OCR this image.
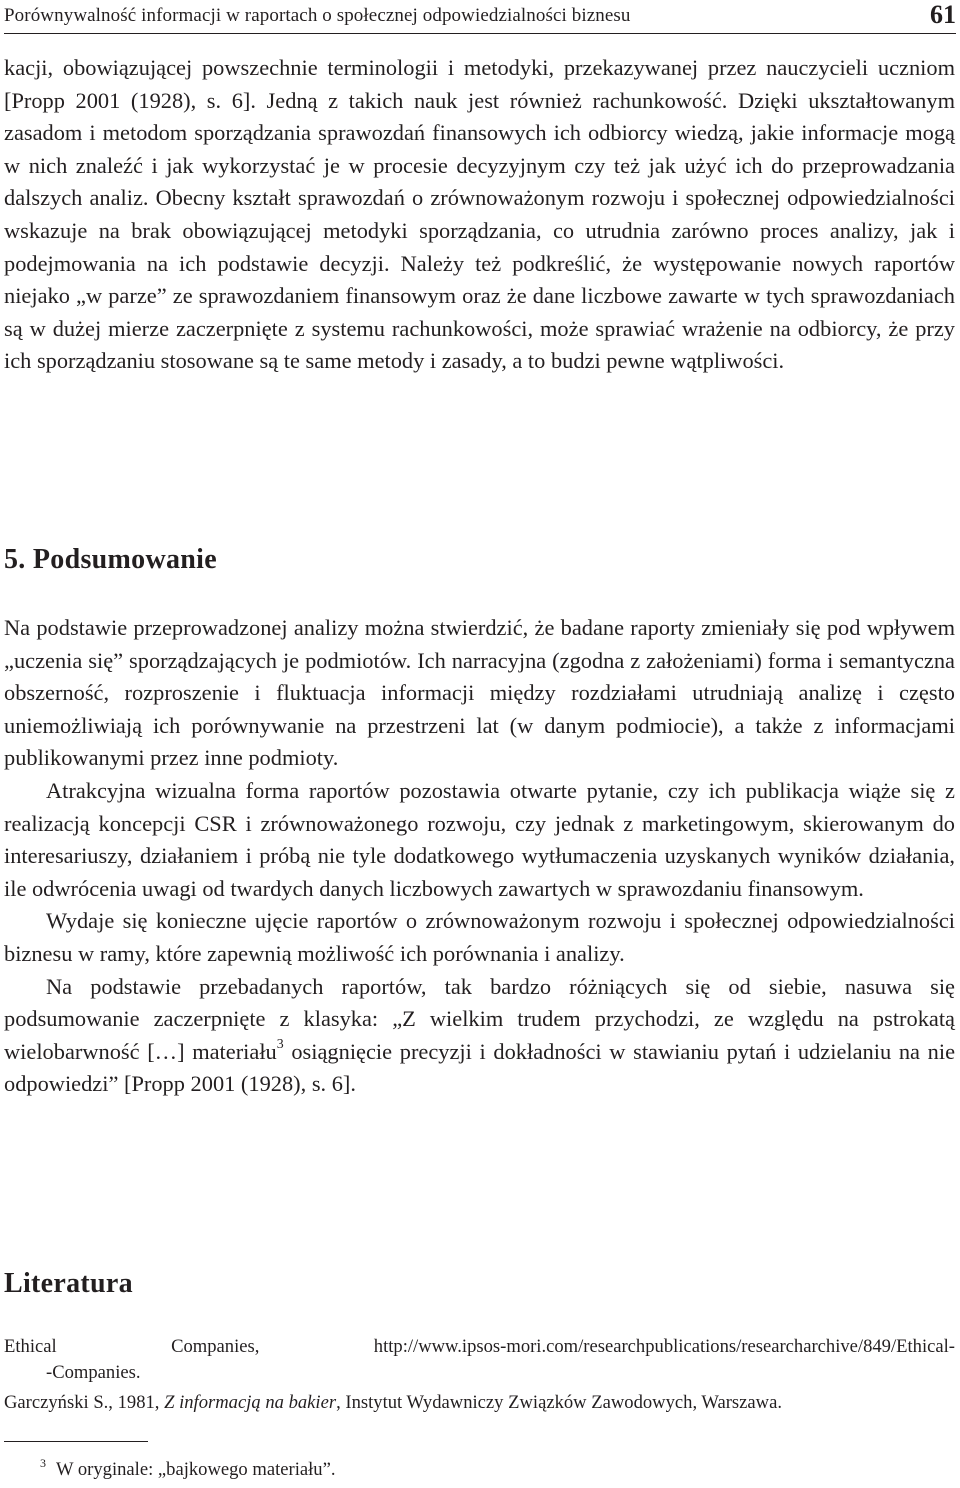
Porównywalność informacji w raportach o społecznej odpowiedzialności biznesu	61

kacji, obowiązującej powszechnie terminologii i metodyki, przekazywanej przez nauczycieli uczniom [Propp 2001 (1928), s. 6]. Jedną z takich nauk jest również rachunkowość. Dzięki ukształtowanym zasadom i metodom sporządzania sprawozdań finansowych ich odbiorcy wiedzą, jakie informacje mogą w nich znaleźć i jak wykorzystać je w procesie decyzyjnym czy też jak użyć ich do przeprowadzania dalszych analiz. Obecny kształt sprawozdań o zrównoważonym rozwoju i społecznej odpowiedzialności wskazuje na brak obowiązującej metodyki sporządzania, co utrudnia zarówno proces analizy, jak i podejmowania na ich podstawie decyzji. Należy też podkreślić, że występowanie nowych raportów niejako „w parze” ze sprawozdaniem finansowym oraz że dane liczbowe zawarte w tych sprawozdaniach są w dużej mierze zaczerpnięte z systemu rachunkowości, może sprawiać wrażenie na odbiorcy, że przy ich sporządzaniu stosowane są te same metody i zasady, a to budzi pewne wątpliwości.

5. Podsumowanie

Na podstawie przeprowadzonej analizy można stwierdzić, że badane raporty zmieniały się pod wpływem „uczenia się” sporządzających je podmiotów. Ich narracyjna (zgodna z założeniami) forma i semantyczna obszerność, rozproszenie i fluktuacja informacji między rozdziałami utrudniają analizę i często uniemożliwiają ich porównywanie na przestrzeni lat (w danym podmiocie), a także z informacjami publikowanymi przez inne podmioty.

Atrakcyjna wizualna forma raportów pozostawia otwarte pytanie, czy ich publikacja wiąże się z realizacją koncepcji CSR i zrównoważonego rozwoju, czy jednak z marketingowym, skierowanym do interesariuszy, działaniem i próbą nie tyle dodatkowego wytłumaczenia uzyskanych wyników działania, ile odwrócenia uwagi od twardych danych liczbowych zawartych w sprawozdaniu finansowym.

Wydaje się konieczne ujęcie raportów o zrównoważonym rozwoju i społecznej odpowiedzialności biznesu w ramy, które zapewnią możliwość ich porównania i analizy.

Na podstawie przebadanych raportów, tak bardzo różniących się od siebie, nasuwa się podsumowanie zaczerpnięte z klasyka: „Z wielkim trudem przychodzi, ze względu na pstrokatą wielobarwność […] materiału$^3$ osiągnięcie precyzji i dokładności w stawianiu pytań i udzielaniu na nie odpowiedzi” [Propp 2001 (1928), s. 6].

Literatura
Ethical Companies, http://www.ipsos-mori.com/researchpublications/researcharchive/849/Ethical-
-Companies.
Garczyński S., 1981, Z informacją na bakier, Instytut Wydawniczy Związków Zawodowych, Warszawa.
$^3$ W oryginale: „bajkowego materiału”.
